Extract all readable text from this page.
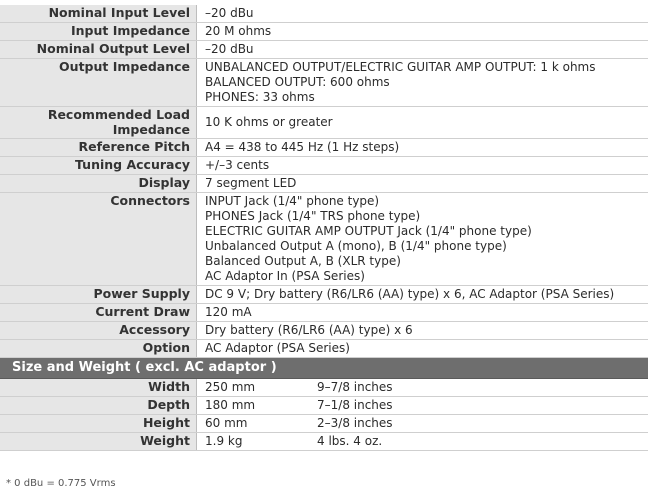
Nominal Input Level	–20 dBu

Input Impedance	20 M ohms

Nominal Output Level	–20 dBu

Output Impedance	UNBALANCED OUTPUT/ELECTRIC GUITAR AMP OUTPUT: 1 k ohms
BALANCED OUTPUT: 600 ohms
PHONES: 33 ohms

Recommended Load Impedance	10 K ohms or greater

Reference Pitch	A4 = 438 to 445 Hz (1 Hz steps)

Tuning Accuracy	+/–3 cents

Display	7 segment LED

Connectors	INPUT Jack (1/4" phone type)
PHONES Jack (1/4" TRS phone type)
ELECTRIC GUITAR AMP OUTPUT Jack (1/4" phone type)
Unbalanced Output A (mono), B (1/4" phone type)
Balanced Output A, B (XLR type)
AC Adaptor In (PSA Series)

Power Supply	DC 9 V; Dry battery (R6/LR6 (AA) type) x 6, AC Adaptor (PSA Series)

Current Draw	120 mA

Accessory	Dry battery (R6/LR6 (AA) type) x 6

Option	AC Adaptor (PSA Series)

Size and Weight ( excl. AC adaptor )
Width	250 mm	9–7/8 inches

Depth	180 mm	7–1/8 inches

Height	60 mm	2–3/8 inches

Weight	1.9 kg	4 lbs. 4 oz.
* 0 dBu = 0.775 Vrms
